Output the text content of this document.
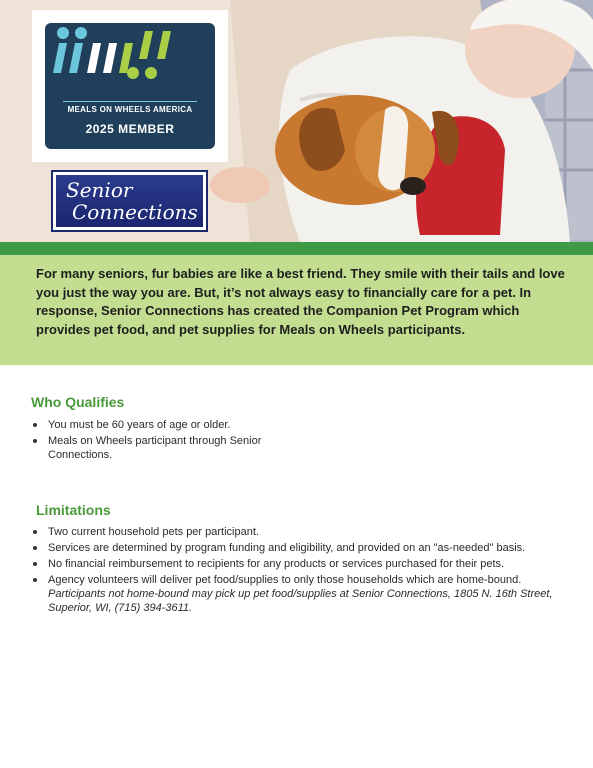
MEALS ON WHEELS AMERICA
2025 MEMBER
Senior
Connections
For many seniors, fur babies are like a best friend. They smile with their tails and love you just the way you are. But, it’s not always easy to financially care for a pet. In response, Senior Connections has created the Companion Pet Program which provides pet food, and pet supplies for Meals on Wheels participants.
Who Qualifies
You must be 60 years of age or older.
Meals on Wheels participant through Senior Connections.
Limitations
Two current household pets per participant.
Services are determined by program funding and eligibility, and provided on an "as-needed" basis.
No financial reimbursement to recipients for any products or services purchased for their pets.
Agency volunteers will deliver pet food/supplies to only those households which are home-bound.
Participants not home-bound may pick up pet food/supplies at Senior Connections, 1805 N. 16th Street, Superior, WI, (715) 394-3611.
